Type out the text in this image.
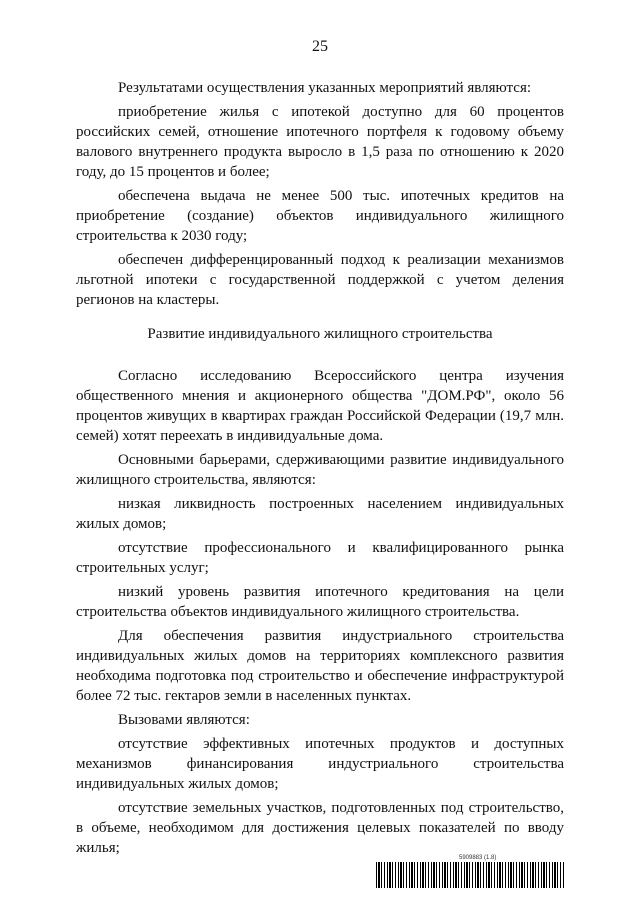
25

Результатами осуществления указанных мероприятий являются:

приобретение жилья с ипотекой доступно для 60 процентов российских семей, отношение ипотечного портфеля к годовому объему валового внутреннего продукта выросло в 1,5 раза по отношению к 2020 году, до 15 процентов и более;

обеспечена выдача не менее 500 тыс. ипотечных кредитов на приобретение (создание) объектов индивидуального жилищного строительства к 2030 году;

обеспечен дифференцированный подход к реализации механизмов льготной ипотеки с государственной поддержкой с учетом деления регионов на кластеры.

Развитие индивидуального жилищного строительства

Согласно исследованию Всероссийского центра изучения общественного мнения и акционерного общества "ДОМ.РФ", около 56 процентов живущих в квартирах граждан Российской Федерации (19,7 млн. семей) хотят переехать в индивидуальные дома.

Основными барьерами, сдерживающими развитие индивидуального жилищного строительства, являются:

низкая ликвидность построенных населением индивидуальных жилых домов;

отсутствие профессионального и квалифицированного рынка строительных услуг;

низкий уровень развития ипотечного кредитования на цели строительства объектов индивидуального жилищного строительства.

Для обеспечения развития индустриального строительства индивидуальных жилых домов на территориях комплексного развития необходима подготовка под строительство и обеспечение инфраструктурой более 72 тыс. гектаров земли в населенных пунктах.

Вызовами являются:

отсутствие эффективных ипотечных продуктов и доступных механизмов финансирования индустриального строительства индивидуальных жилых домов;

отсутствие земельных участков, подготовленных под строительство, в объеме, необходимом для достижения целевых показателей по вводу жилья;

5909883 (1.8)
